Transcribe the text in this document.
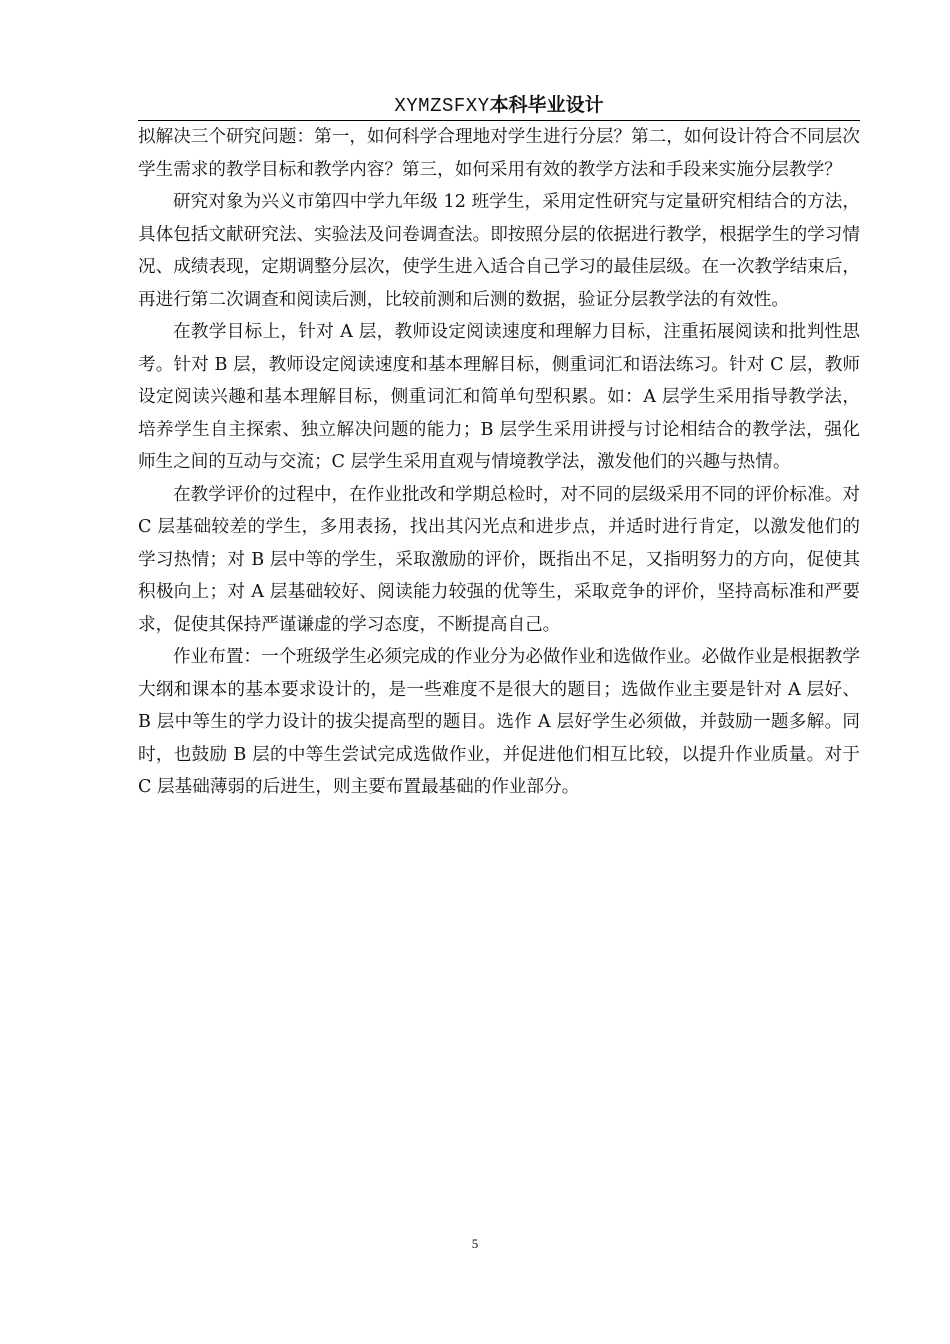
XYMZSFXY本科毕业设计

拟解决三个研究问题：第一，如何科学合理地对学生进行分层？第二，如何设计符合不同层次学生需求的教学目标和教学内容？第三，如何采用有效的教学方法和手段来实施分层教学？

研究对象为兴义市第四中学九年级 12 班学生，采用定性研究与定量研究相结合的方法，具体包括文献研究法、实验法及问卷调查法。即按照分层的依据进行教学，根据学生的学习情况、成绩表现，定期调整分层次，使学生进入适合自己学习的最佳层级。在一次教学结束后，再进行第二次调查和阅读后测，比较前测和后测的数据，验证分层教学法的有效性。

在教学目标上，针对 A 层，教师设定阅读速度和理解力目标，注重拓展阅读和批判性思考。针对 B 层，教师设定阅读速度和基本理解目标，侧重词汇和语法练习。针对 C 层，教师设定阅读兴趣和基本理解目标，侧重词汇和简单句型积累。如：A 层学生采用指导教学法，培养学生自主探索、独立解决问题的能力；B 层学生采用讲授与讨论相结合的教学法，强化师生之间的互动与交流；C 层学生采用直观与情境教学法，激发他们的兴趣与热情。

在教学评价的过程中，在作业批改和学期总检时，对不同的层级采用不同的评价标准。对 C 层基础较差的学生，多用表扬，找出其闪光点和进步点，并适时进行肯定，以激发他们的学习热情；对 B 层中等的学生，采取激励的评价，既指出不足，又指明努力的方向，促使其积极向上；对 A 层基础较好、阅读能力较强的优等生，采取竞争的评价，坚持高标准和严要求，促使其保持严谨谦虚的学习态度，不断提高自己。

作业布置：一个班级学生必须完成的作业分为必做作业和选做作业。必做作业是根据教学大纲和课本的基本要求设计的，是一些难度不是很大的题目；选做作业主要是针对 A 层好、B 层中等生的学力设计的拔尖提高型的题目。选作 A 层好学生必须做，并鼓励一题多解。同时，也鼓励 B 层的中等生尝试完成选做作业，并促进他们相互比较，以提升作业质量。对于 C 层基础薄弱的后进生，则主要布置最基础的作业部分。

5
